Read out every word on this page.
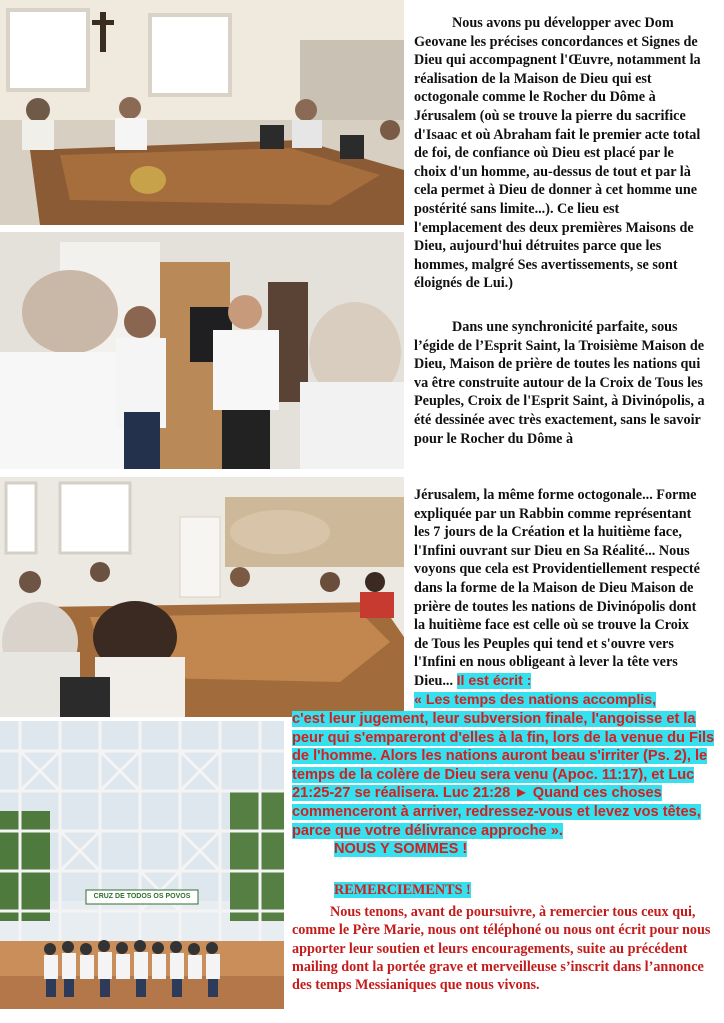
CRUZ DE TODOS OS POVOS

Nous avons pu développer avec Dom Geovane les précises concordances et Signes de Dieu qui accompagnent l'Œuvre, notamment la réalisation de la Maison de Dieu qui est octogonale comme le Rocher du Dôme à Jérusalem (où se trouve la pierre du sacrifice d'Isaac et où Abraham fait le premier acte total de foi, de confiance où Dieu est placé par le choix d'un homme, au-dessus de tout et par là cela permet à Dieu de donner à cet homme une postérité sans limite...). Ce lieu est l'emplacement des deux premières Maisons de Dieu, aujourd'hui détruites parce que les hommes, malgré Ses avertissements, se sont éloignés de Lui.)

Dans une synchronicité parfaite, sous l’égide de l’Esprit Saint, la Troisième Maison de Dieu, Maison de prière de toutes les nations qui va être construite autour de la Croix de Tous les Peuples, Croix de l'Esprit Saint, à Divinópolis, a été dessinée avec très exactement, sans le savoir pour le Rocher du Dôme à

Jérusalem, la même forme octogonale... Forme expliquée par un Rabbin comme représentant les 7 jours de la Création et la huitième face, l'Infini ouvrant sur Dieu en Sa Réalité... Nous voyons que cela est Providentiellement respecté dans la forme de la Maison de Dieu Maison de prière de toutes les nations de Divinópolis dont la huitième face est celle où se trouve la Croix de Tous les Peuples qui tend et s'ouvre vers l'Infini en nous obligeant à lever la tête vers Dieu... Il est écrit :
« Les temps des nations accomplis,

c'est leur jugement, leur subversion finale, l'angoisse et la peur qui s'empareront d'elles à la fin, lors de la venue du Fils de l'homme. Alors les nations auront beau s'irriter (Ps. 2), le temps de la colère de Dieu sera venu (Apoc. 11:17), et Luc 21:25-27 se réalisera. Luc 21:28 ► Quand ces choses commenceront à arriver, redressez-vous et levez vos têtes, parce que votre délivrance approche ».

NOUS Y SOMMES !

REMERCIEMENTS !

Nous tenons, avant de poursuivre, à remercier tous ceux qui, comme le Père Marie, nous ont téléphoné ou nous ont écrit pour nous apporter leur soutien et leurs encouragements, suite au précédent mailing dont la portée grave et merveilleuse s’inscrit dans l’annonce des temps Messianiques que nous vivons.
